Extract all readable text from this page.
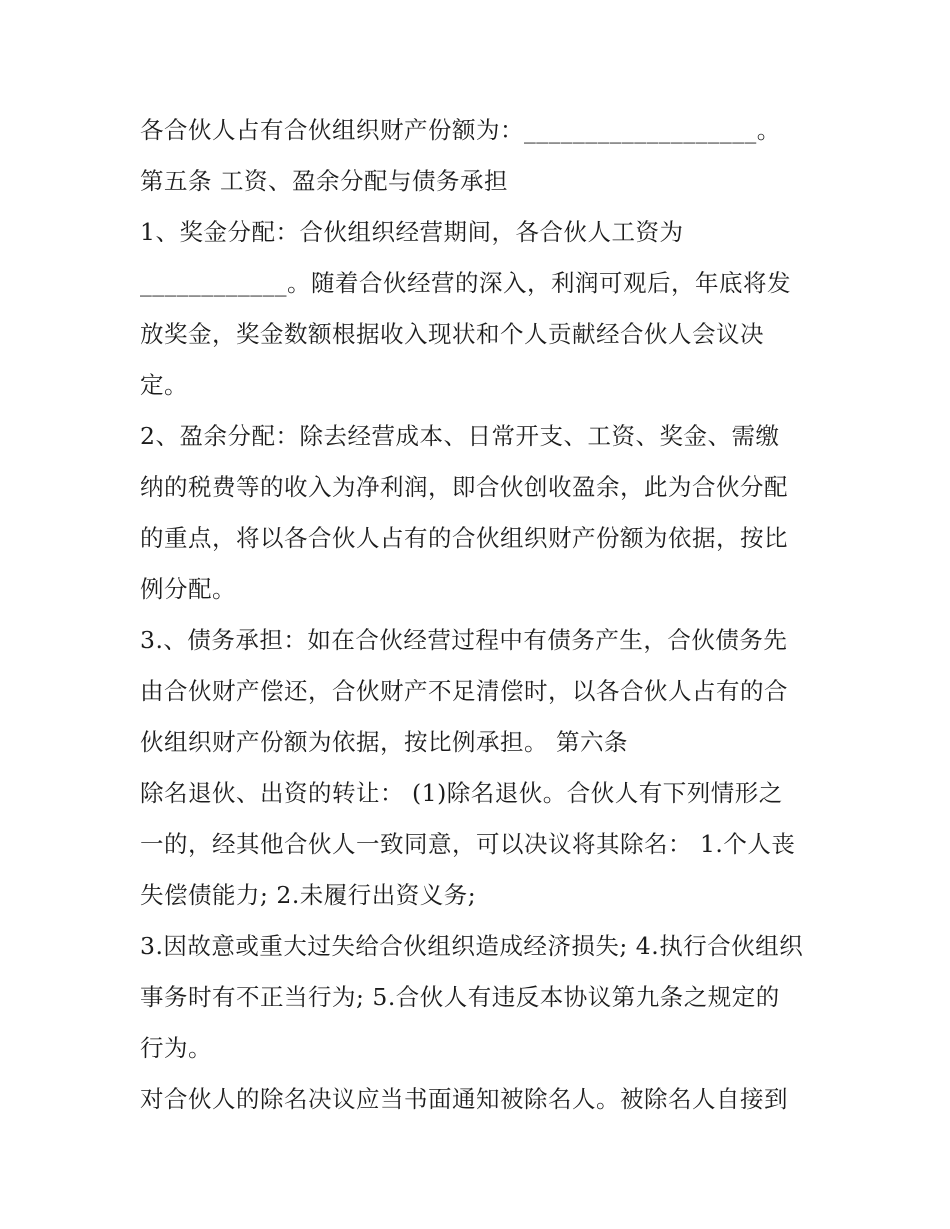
各合伙人占有合伙组织财产份额为：___________________。

第五条 工资、盈余分配与债务承担

1、奖金分配：合伙组织经营期间，各合伙人工资为

____________。随着合伙经营的深入，利润可观后，年底将发

放奖金，奖金数额根据收入现状和个人贡献经合伙人会议决

定。

2、盈余分配：除去经营成本、日常开支、工资、奖金、需缴

纳的税费等的收入为净利润，即合伙创收盈余，此为合伙分配

的重点，将以各合伙人占有的合伙组织财产份额为依据，按比

例分配。

3.、债务承担：如在合伙经营过程中有债务产生，合伙债务先

由合伙财产偿还，合伙财产不足清偿时，以各合伙人占有的合

伙组织财产份额为依据，按比例承担。 第六条

除名退伙、出资的转让： (1)除名退伙。合伙人有下列情形之

一的，经其他合伙人一致同意，可以决议将其除名： 1.个人丧

失偿债能力; 2.未履行出资义务;

3.因故意或重大过失给合伙组织造成经济损失; 4.执行合伙组织

事务时有不正当行为; 5.合伙人有违反本协议第九条之规定的

行为。

对合伙人的除名决议应当书面通知被除名人。被除名人自接到
